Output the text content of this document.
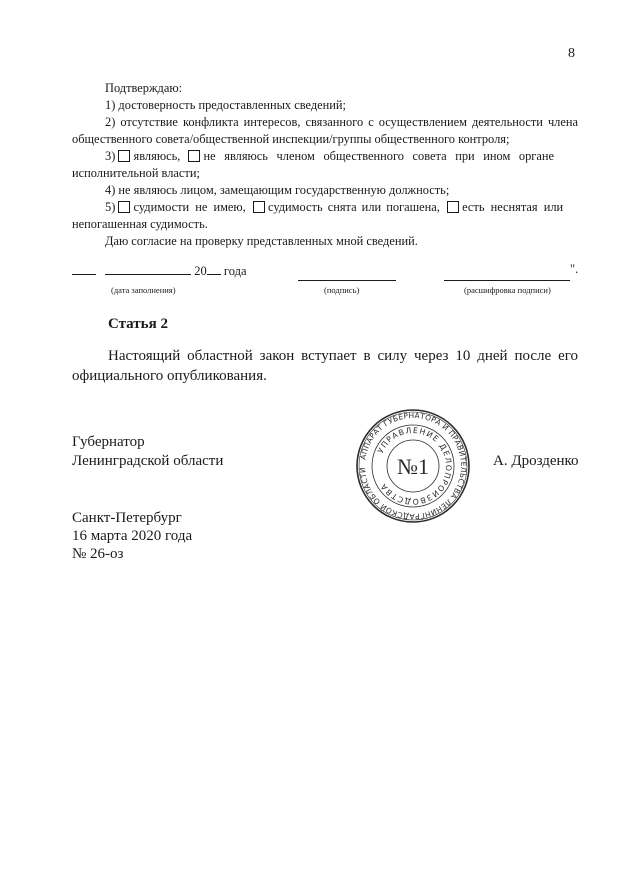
8
Подтверждаю:
1) достоверность предоставленных сведений;
2) отсутствие конфликта интересов, связанного с осуществлением деятельности члена
общественного совета/общественной инспекции/группы общественного контроля;
3) являюсь, не являюсь членом общественного совета при ином органе
исполнительной власти;
4) не являюсь лицом, замещающим государственную должность;
5) судимости не имею, судимость снята или погашена, есть неснятая или
непогашенная судимость.
Даю согласие на проверку представленных мной сведений.
20 года	".
(дата заполнения)	(подпись)	(расшифровка подписи)
Статья 2
Настоящий областной закон вступает в силу через 10 дней после его
официального опубликования.
Губернатор
Ленинградской области	А. Дрозденко
АППАРАТ ГУБЕРНАТОРА И ПРАВИТЕЛЬСТВА ЛЕНИНГРАДСКОЙ ОБЛАСТИ
УПРАВЛЕНИЕ ДЕЛОПРОИЗВОДСТВА
№1
Санкт-Петербург
16 марта 2020 года
№ 26-оз
